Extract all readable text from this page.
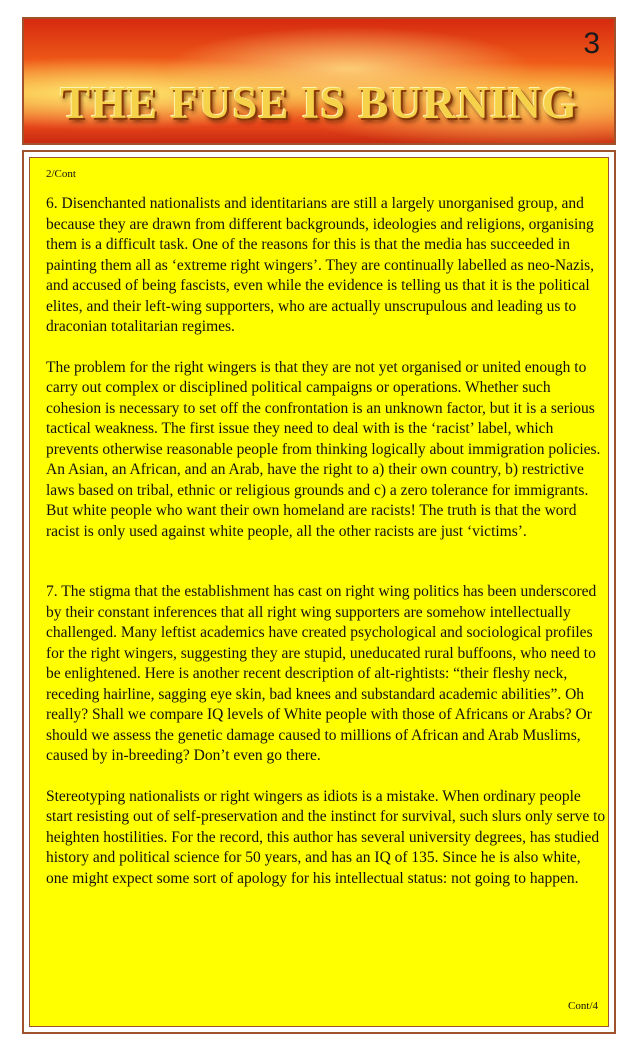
3
THE FUSE IS BURNING
2/Cont

6. Disenchanted nationalists and identitarians are still a largely unorganised group, and because they are drawn from different backgrounds, ideologies and religions, organising them is a difficult task. One of the reasons for this is that the media has succeeded in painting them all as ‘extreme right wingers’. They are continually labelled as neo-Nazis, and accused of being fascists, even while the evidence is telling us that it is the political elites, and their left-wing supporters, who are actually unscrupulous and leading us to draconian totalitarian regimes.

The problem for the right wingers is that they are not yet organised or united enough to carry out complex or disciplined political campaigns or operations. Whether such cohesion is necessary to set off the confrontation is an unknown factor, but it is a serious tactical weakness. The first issue they need to deal with is the ‘racist’ label, which prevents otherwise reasonable people from thinking logically about immigration policies. An Asian, an African, and an Arab, have the right to a) their own country, b) restrictive laws based on tribal, ethnic or religious grounds and c) a zero tolerance for immigrants. But white people who want their own homeland are racists! The truth is that the word racist is only used against white people, all the other racists are just ‘victims’.

7. The stigma that the establishment has cast on right wing politics has been underscored by their constant inferences that all right wing supporters are somehow intellectually challenged. Many leftist academics have created psychological and sociological profiles for the right wingers, suggesting they are stupid, uneducated rural buffoons, who need to be enlightened. Here is another recent description of alt-rightists: “their fleshy neck, receding hairline, sagging eye skin, bad knees and substandard academic abilities”. Oh really? Shall we compare IQ levels of White people with those of Africans or Arabs? Or should we assess the genetic damage caused to millions of African and Arab Muslims, caused by in-breeding? Don’t even go there.

Stereotyping nationalists or right wingers as idiots is a mistake. When ordinary people start resisting out of self-preservation and the instinct for survival, such slurs only serve to heighten hostilities. For the record, this author has several university degrees, has studied history and political science for 50 years, and has an IQ of 135. Since he is also white, one might expect some sort of apology for his intellectual status: not going to happen.

Cont/4
